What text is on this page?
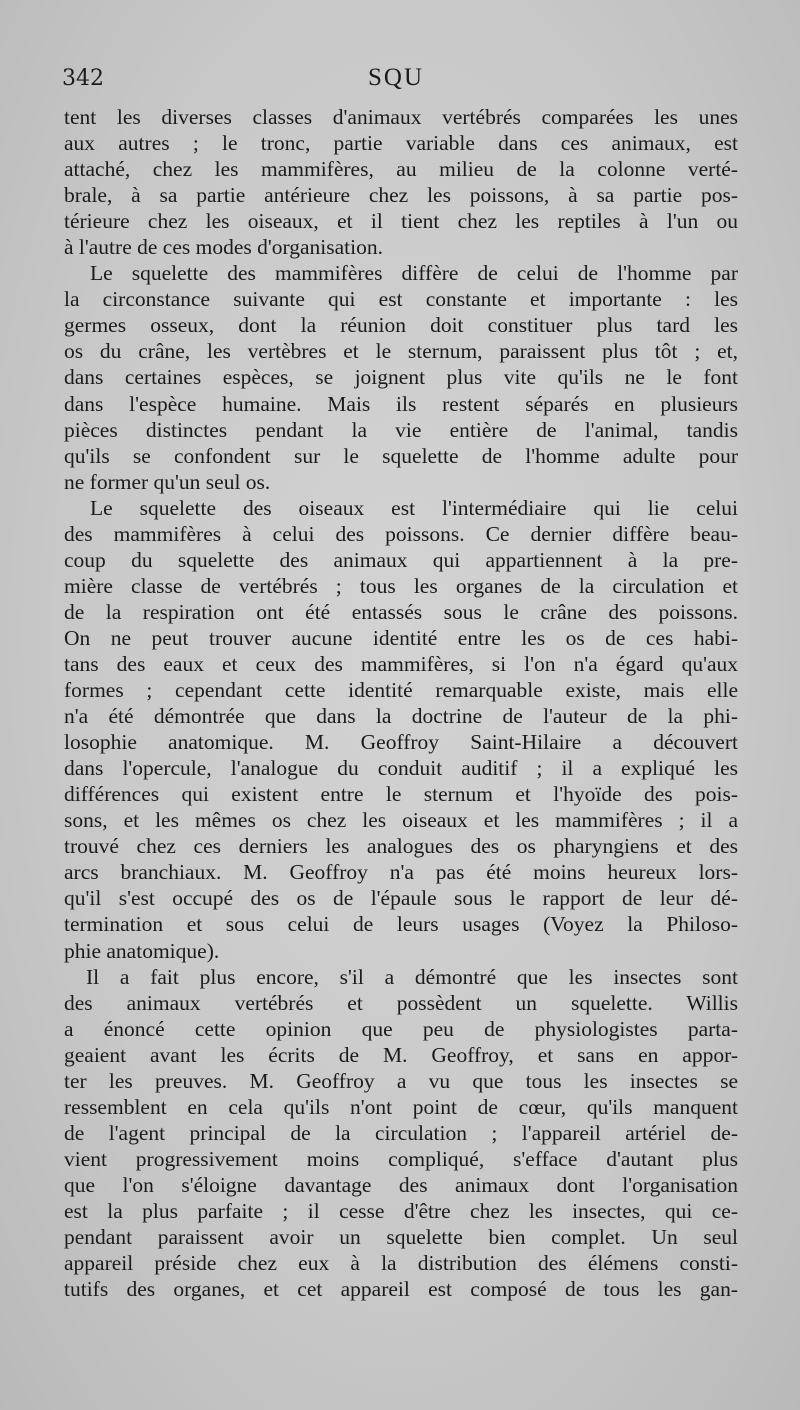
342	SQU
tent les diverses classes d'animaux vertébrés comparées les unes
aux autres ; le tronc, partie variable dans ces animaux, est
attaché, chez les mammifères, au milieu de la colonne verté-
brale, à sa partie antérieure chez les poissons, à sa partie pos-
térieure chez les oiseaux, et il tient chez les reptiles à l'un ou
à l'autre de ces modes d'organisation.
Le squelette des mammifères diffère de celui de l'homme par
la circonstance suivante qui est constante et importante : les
germes osseux, dont la réunion doit constituer plus tard les
os du crâne, les vertèbres et le sternum, paraissent plus tôt ; et,
dans certaines espèces, se joignent plus vite qu'ils ne le font
dans l'espèce humaine. Mais ils restent séparés en plusieurs
pièces distinctes pendant la vie entière de l'animal, tandis
qu'ils se confondent sur le squelette de l'homme adulte pour
ne former qu'un seul os.
Le squelette des oiseaux est l'intermédiaire qui lie celui
des mammifères à celui des poissons. Ce dernier diffère beau-
coup du squelette des animaux qui appartiennent à la pre-
mière classe de vertébrés ; tous les organes de la circulation et
de la respiration ont été entassés sous le crâne des poissons.
On ne peut trouver aucune identité entre les os de ces habi-
tans des eaux et ceux des mammifères, si l'on n'a égard qu'aux
formes ; cependant cette identité remarquable existe, mais elle
n'a été démontrée que dans la doctrine de l'auteur de la phi-
losophie anatomique. M. Geoffroy Saint-Hilaire a découvert
dans l'opercule, l'analogue du conduit auditif ; il a expliqué les
différences qui existent entre le sternum et l'hyoïde des pois-
sons, et les mêmes os chez les oiseaux et les mammifères ; il a
trouvé chez ces derniers les analogues des os pharyngiens et des
arcs branchiaux. M. Geoffroy n'a pas été moins heureux lors-
qu'il s'est occupé des os de l'épaule sous le rapport de leur dé-
termination et sous celui de leurs usages (Voyez la Philoso-
phie anatomique).
Il a fait plus encore, s'il a démontré que les insectes sont
des animaux vertébrés et possèdent un squelette. Willis
a énoncé cette opinion que peu de physiologistes parta-
geaient avant les écrits de M. Geoffroy, et sans en appor-
ter les preuves. M. Geoffroy a vu que tous les insectes se
ressemblent en cela qu'ils n'ont point de cœur, qu'ils manquent
de l'agent principal de la circulation ; l'appareil artériel de-
vient progressivement moins compliqué, s'efface d'autant plus
que l'on s'éloigne davantage des animaux dont l'organisation
est la plus parfaite ; il cesse d'être chez les insectes, qui ce-
pendant paraissent avoir un squelette bien complet. Un seul
appareil préside chez eux à la distribution des élémens consti-
tutifs des organes, et cet appareil est composé de tous les gan-
